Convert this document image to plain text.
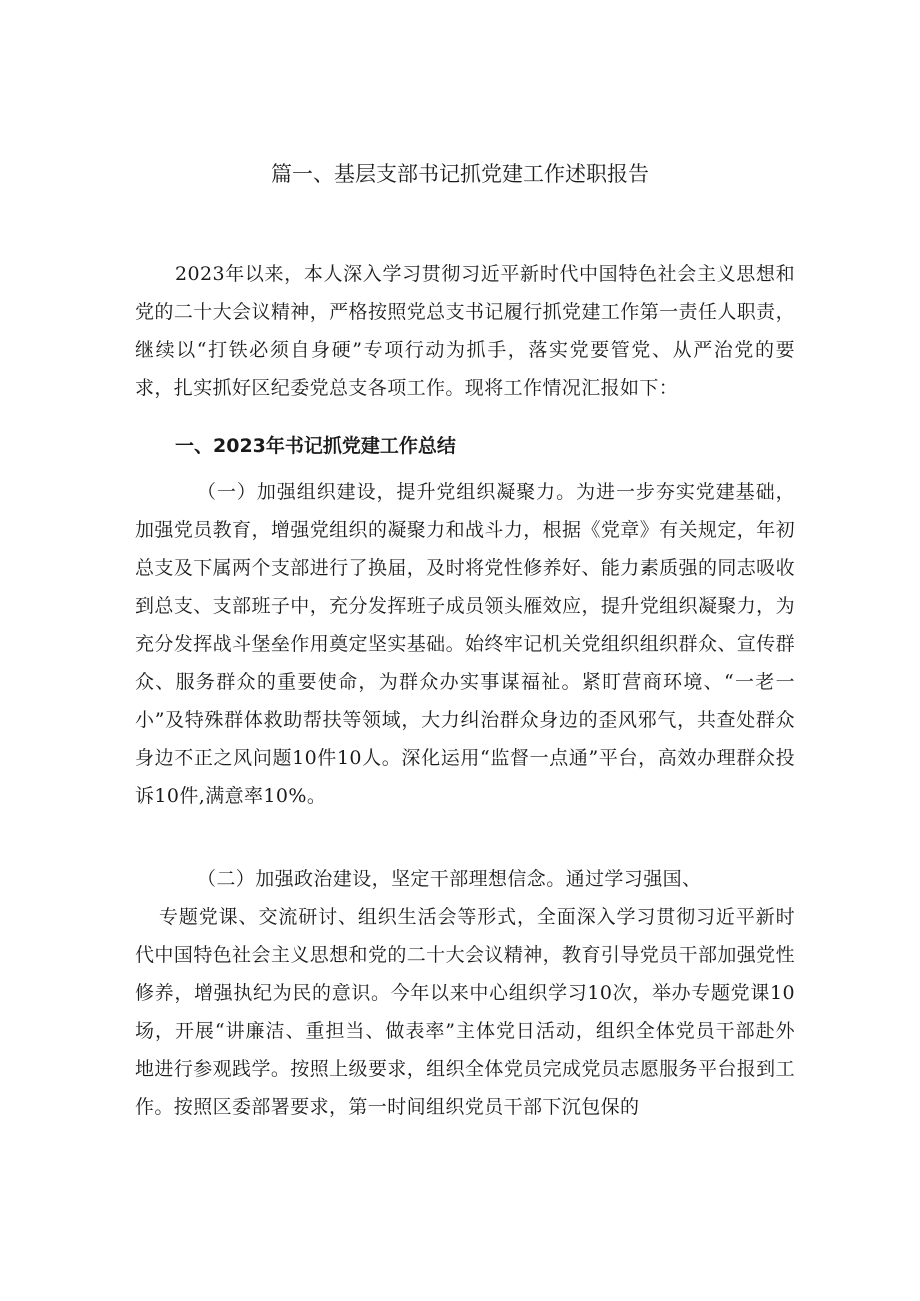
篇一、基层支部书记抓党建工作述职报告

2023年以来，本人深入学习贯彻习近平新时代中国特色社会主义思想和党的二十大会议精神，严格按照党总支书记履行抓党建工作第一责任人职责，继续以“打铁必须自身硬”专项行动为抓手，落实党要管党、从严治党的要求，扎实抓好区纪委党总支各项工作。现将工作情况汇报如下：

一、2023年书记抓党建工作总结

（一）加强组织建设，提升党组织凝聚力。为进一步夯实党建基础，加强党员教育，增强党组织的凝聚力和战斗力，根据《党章》有关规定，年初总支及下属两个支部进行了换届，及时将党性修养好、能力素质强的同志吸收到总支、支部班子中，充分发挥班子成员领头雁效应，提升党组织凝聚力，为充分发挥战斗堡垒作用奠定坚实基础。始终牢记机关党组织组织群众、宣传群众、服务群众的重要使命，为群众办实事谋福祉。紧盯营商环境、“一老一小”及特殊群体救助帮扶等领域，大力纠治群众身边的歪风邪气，共查处群众身边不正之风问题10件10人。深化运用“监督一点通”平台，高效办理群众投诉10件,满意率10%。

（二）加强政治建设，坚定干部理想信念。通过学习强国、

专题党课、交流研讨、组织生活会等形式，全面深入学习贯彻习近平新时代中国特色社会主义思想和党的二十大会议精神，教育引导党员干部加强党性修养，增强执纪为民的意识。今年以来中心组织学习10次，举办专题党课10场，开展“讲廉洁、重担当、做表率”主体党日活动，组织全体党员干部赴外地进行参观践学。按照上级要求，组织全体党员完成党员志愿服务平台报到工作。按照区委部署要求，第一时间组织党员干部下沉包保的
